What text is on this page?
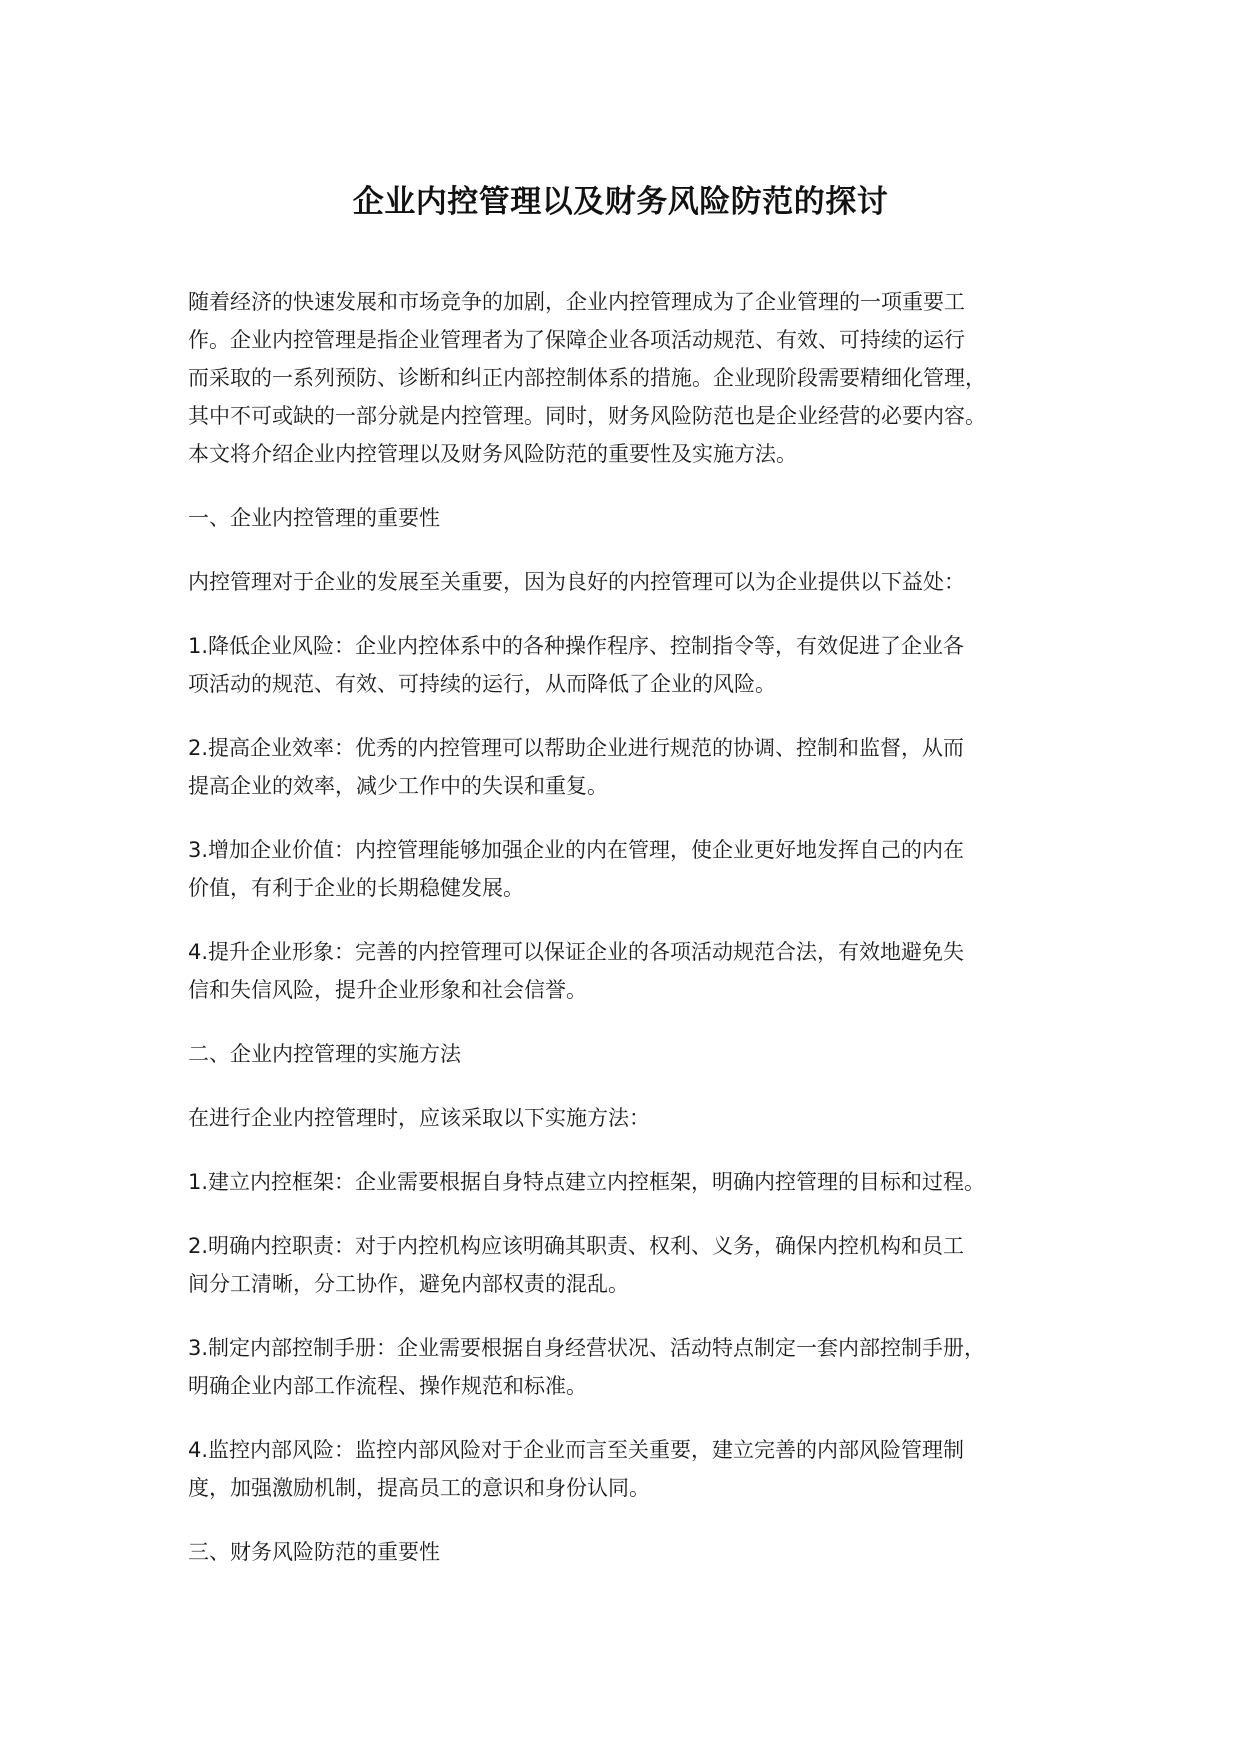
企业内控管理以及财务风险防范的探讨

随着经济的快速发展和市场竞争的加剧，企业内控管理成为了企业管理的一项重要工
作。企业内控管理是指企业管理者为了保障企业各项活动规范、有效、可持续的运行
而采取的一系列预防、诊断和纠正内部控制体系的措施。企业现阶段需要精细化管理，
其中不可或缺的一部分就是内控管理。同时，财务风险防范也是企业经营的必要内容。
本文将介绍企业内控管理以及财务风险防范的重要性及实施方法。

一、企业内控管理的重要性

内控管理对于企业的发展至关重要，因为良好的内控管理可以为企业提供以下益处：

1.降低企业风险：企业内控体系中的各种操作程序、控制指令等，有效促进了企业各
项活动的规范、有效、可持续的运行，从而降低了企业的风险。

2.提高企业效率：优秀的内控管理可以帮助企业进行规范的协调、控制和监督，从而
提高企业的效率，减少工作中的失误和重复。

3.增加企业价值：内控管理能够加强企业的内在管理，使企业更好地发挥自己的内在
价值，有利于企业的长期稳健发展。

4.提升企业形象：完善的内控管理可以保证企业的各项活动规范合法，有效地避免失
信和失信风险，提升企业形象和社会信誉。

二、企业内控管理的实施方法

在进行企业内控管理时，应该采取以下实施方法：

1.建立内控框架：企业需要根据自身特点建立内控框架，明确内控管理的目标和过程。

2.明确内控职责：对于内控机构应该明确其职责、权利、义务，确保内控机构和员工
间分工清晰，分工协作，避免内部权责的混乱。

3.制定内部控制手册：企业需要根据自身经营状况、活动特点制定一套内部控制手册，
明确企业内部工作流程、操作规范和标准。

4.监控内部风险：监控内部风险对于企业而言至关重要，建立完善的内部风险管理制
度，加强激励机制，提高员工的意识和身份认同。

三、财务风险防范的重要性
